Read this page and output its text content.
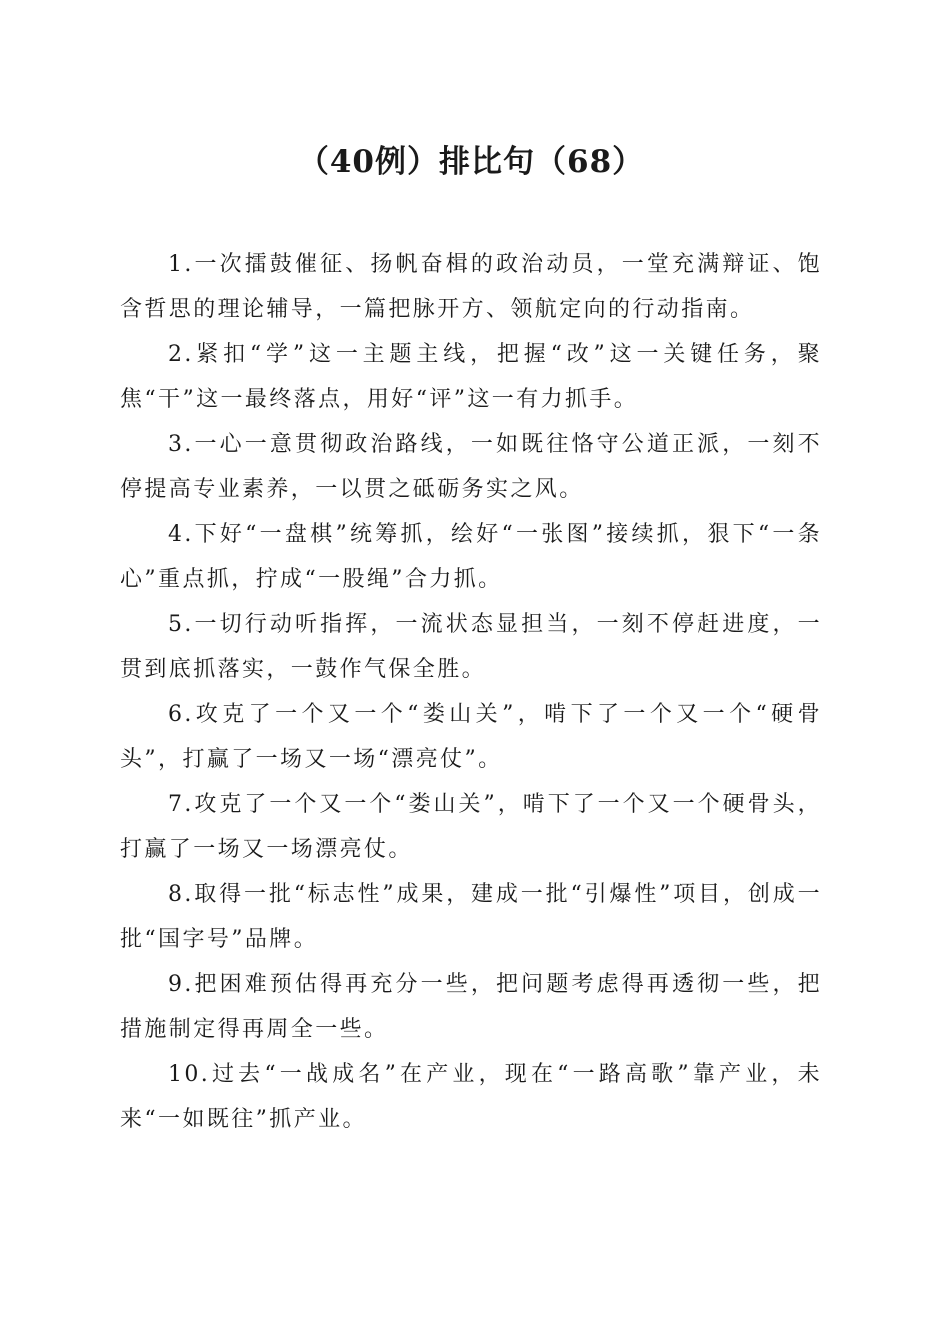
（40例）排比句（68）

1.一次擂鼓催征、扬帆奋楫的政治动员，一堂充满辩证、饱含哲思的理论辅导，一篇把脉开方、领航定向的行动指南。

2.紧扣“学”这一主题主线，把握“改”这一关键任务，聚焦“干”这一最终落点，用好“评”这一有力抓手。

3.一心一意贯彻政治路线，一如既往恪守公道正派，一刻不停提高专业素养，一以贯之砥砺务实之风。

4.下好“一盘棋”统筹抓，绘好“一张图”接续抓，狠下“一条心”重点抓，拧成“一股绳”合力抓。

5.一切行动听指挥，一流状态显担当，一刻不停赶进度，一贯到底抓落实，一鼓作气保全胜。

6.攻克了一个又一个“娄山关”，啃下了一个又一个“硬骨头”，打赢了一场又一场“漂亮仗”。

7.攻克了一个又一个“娄山关”，啃下了一个又一个硬骨头，打赢了一场又一场漂亮仗。

8.取得一批“标志性”成果，建成一批“引爆性”项目，创成一批“国字号”品牌。

9.把困难预估得再充分一些，把问题考虑得再透彻一些，把措施制定得再周全一些。

10.过去“一战成名”在产业，现在“一路高歌”靠产业，未来“一如既往”抓产业。
